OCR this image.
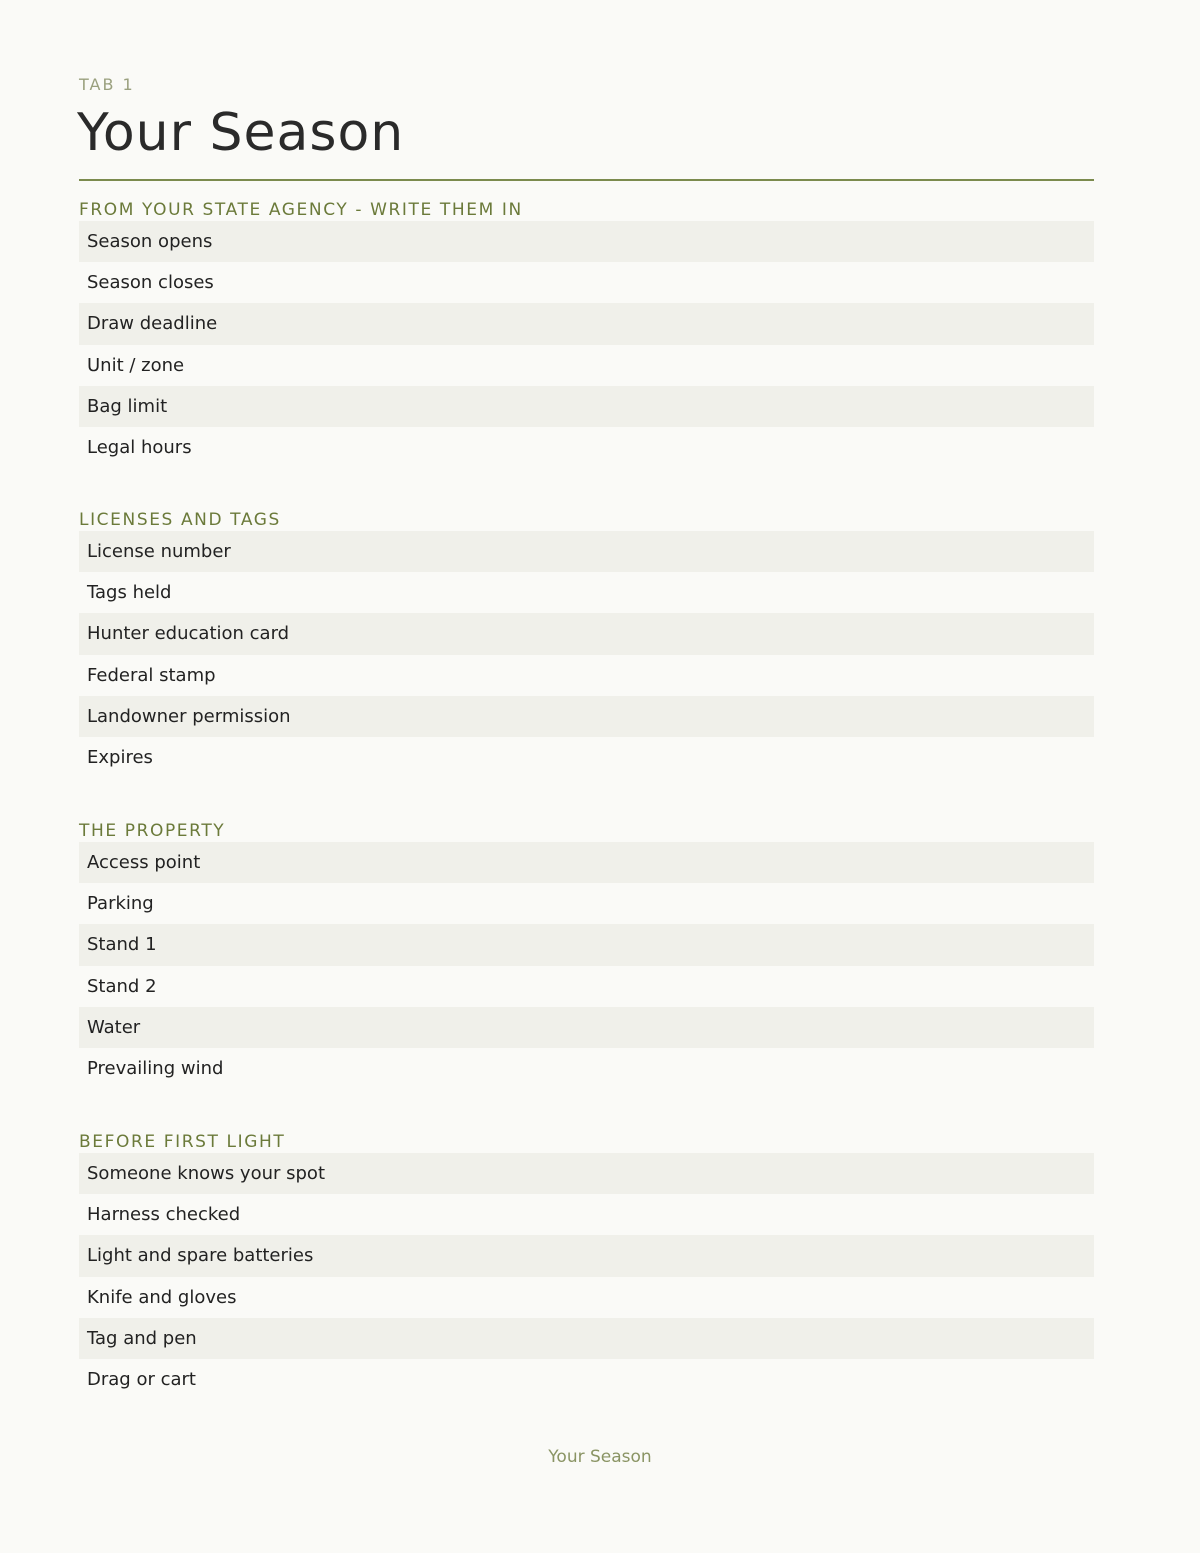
TAB 1
Your Season
FROM YOUR STATE AGENCY - WRITE THEM IN
Season opens
Season closes
Draw deadline
Unit / zone
Bag limit
Legal hours
LICENSES AND TAGS
License number
Tags held
Hunter education card
Federal stamp
Landowner permission
Expires
THE PROPERTY
Access point
Parking
Stand 1
Stand 2
Water
Prevailing wind
BEFORE FIRST LIGHT
Someone knows your spot
Harness checked
Light and spare batteries
Knife and gloves
Tag and pen
Drag or cart
Your Season
